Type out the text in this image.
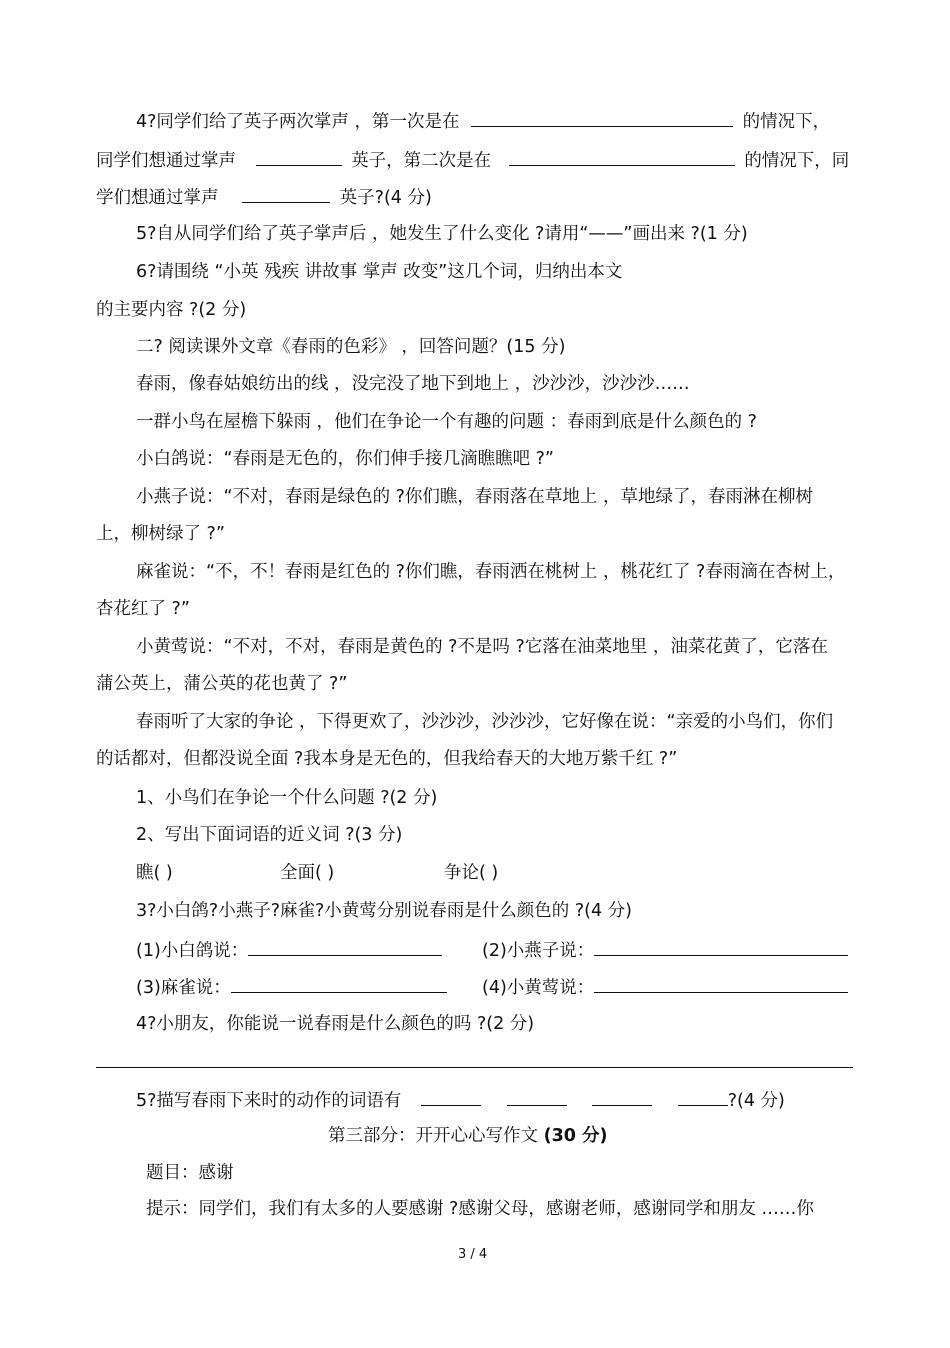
4?同学们给了英子两次掌声 ，第一次是在	的情况下，
同学们想通过掌声	英子，第二次是在	的情况下，同
学们想通过掌声	英子?(4 分)
5?自从同学们给了英子掌声后 ，她发生了什么变化 ?请用“——”画出来 ?(1 分)
6?请围绕 “小英 残疾 讲故事 掌声 改变”这几个词，归纳出本文
的主要内容 ?(2 分)
二? 阅读课外文章《春雨的色彩》 ，回答问题？(15 分)
春雨，像春姑娘纺出的线 ，没完没了地下到地上 ，沙沙沙，沙沙沙……
一群小鸟在屋檐下躲雨 ，他们在争论一个有趣的问题 ：春雨到底是什么颜色的 ?
小白鸽说：“春雨是无色的，你们伸手接几滴瞧瞧吧 ?”
小燕子说：“不对，春雨是绿色的 ?你们瞧，春雨落在草地上 ，草地绿了，春雨淋在柳树
上，柳树绿了 ?”
麻雀说：“不，不！春雨是红色的 ?你们瞧，春雨洒在桃树上 ，桃花红了 ?春雨滴在杏树上，
杏花红了 ?”
小黄莺说：“不对，不对，春雨是黄色的 ?不是吗 ?它落在油菜地里 ，油菜花黄了，它落在
蒲公英上，蒲公英的花也黄了 ?”
春雨听了大家的争论 ，下得更欢了，沙沙沙，沙沙沙，它好像在说：“亲爱的小鸟们，你们
的话都对，但都没说全面 ?我本身是无色的，但我给春天的大地万紫千红 ?”
1、小鸟们在争论一个什么问题 ?(2 分)
2、写出下面词语的近义词 ?(3 分)
瞧( )	全面( )	争论( )
3?小白鸽?小燕子?麻雀?小黄莺分别说春雨是什么颜色的 ?(4 分)
(1)小白鸽说：	(2)小燕子说：
(3)麻雀说：	(4)小黄莺说：
4?小朋友，你能说一说春雨是什么颜色的吗 ?(2 分)
5?描写春雨下来时的动作的词语有	?(4 分)
第三部分：开开心心写作文 (30 分)
题目：感谢
提示：同学们，我们有太多的人要感谢 ?感谢父母，感谢老师，感谢同学和朋友 ……你
3 / 4
